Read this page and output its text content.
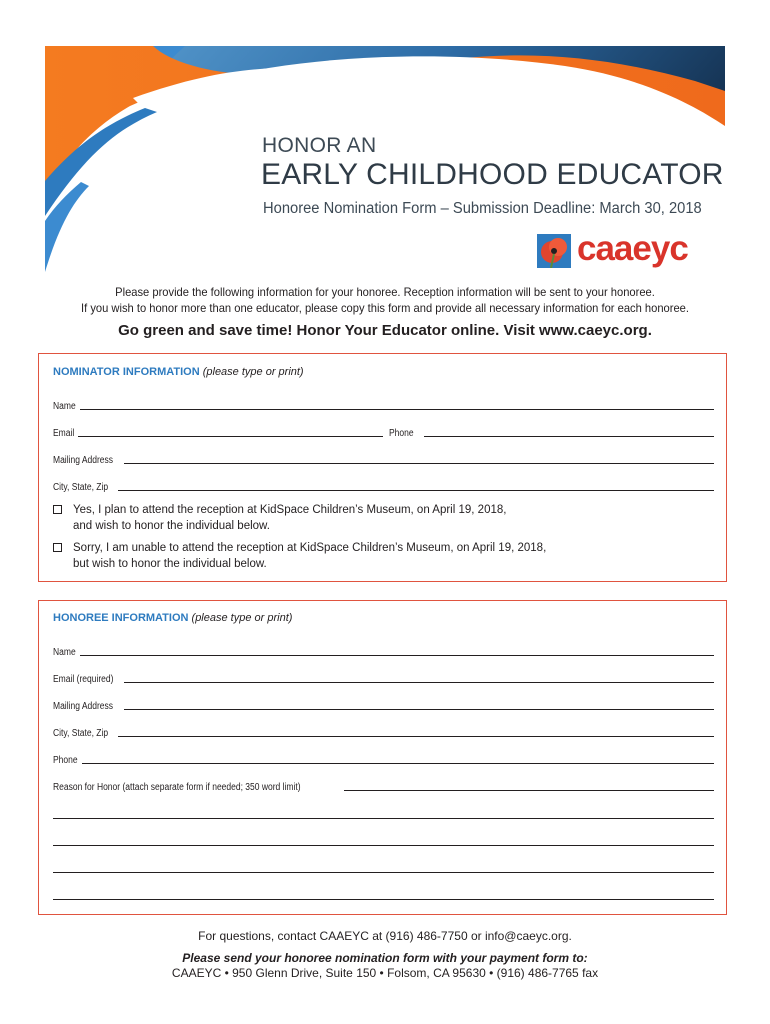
HONOR AN
EARLY CHILDHOOD EDUCATOR
Honoree Nomination Form – Submission Deadline: March 30, 2018
caaeyc
Please provide the following information for your honoree. Reception information will be sent to your honoree.
If you wish to honor more than one educator, please copy this form and provide all necessary information for each honoree.
Go green and save time! Honor Your Educator online. Visit www.caeyc.org.
NOMINATOR INFORMATION (please type or print)
Name
Email	Phone
Mailing Address
City, State, Zip
Yes, I plan to attend the reception at KidSpace Children’s Museum, on April 19, 2018,
and wish to honor the individual below.
Sorry, I am unable to attend the reception at KidSpace Children’s Museum, on April 19, 2018,
but wish to honor the individual below.
HONOREE INFORMATION (please type or print)
Name
Email (required)
Mailing Address
City, State, Zip
Phone
Reason for Honor (attach separate form if needed; 350 word limit)
For questions, contact CAAEYC at (916) 486-7750 or info@caeyc.org.
Please send your honoree nomination form with your payment form to:
CAAEYC • 950 Glenn Drive, Suite 150 • Folsom, CA 95630 • (916) 486-7765 fax
